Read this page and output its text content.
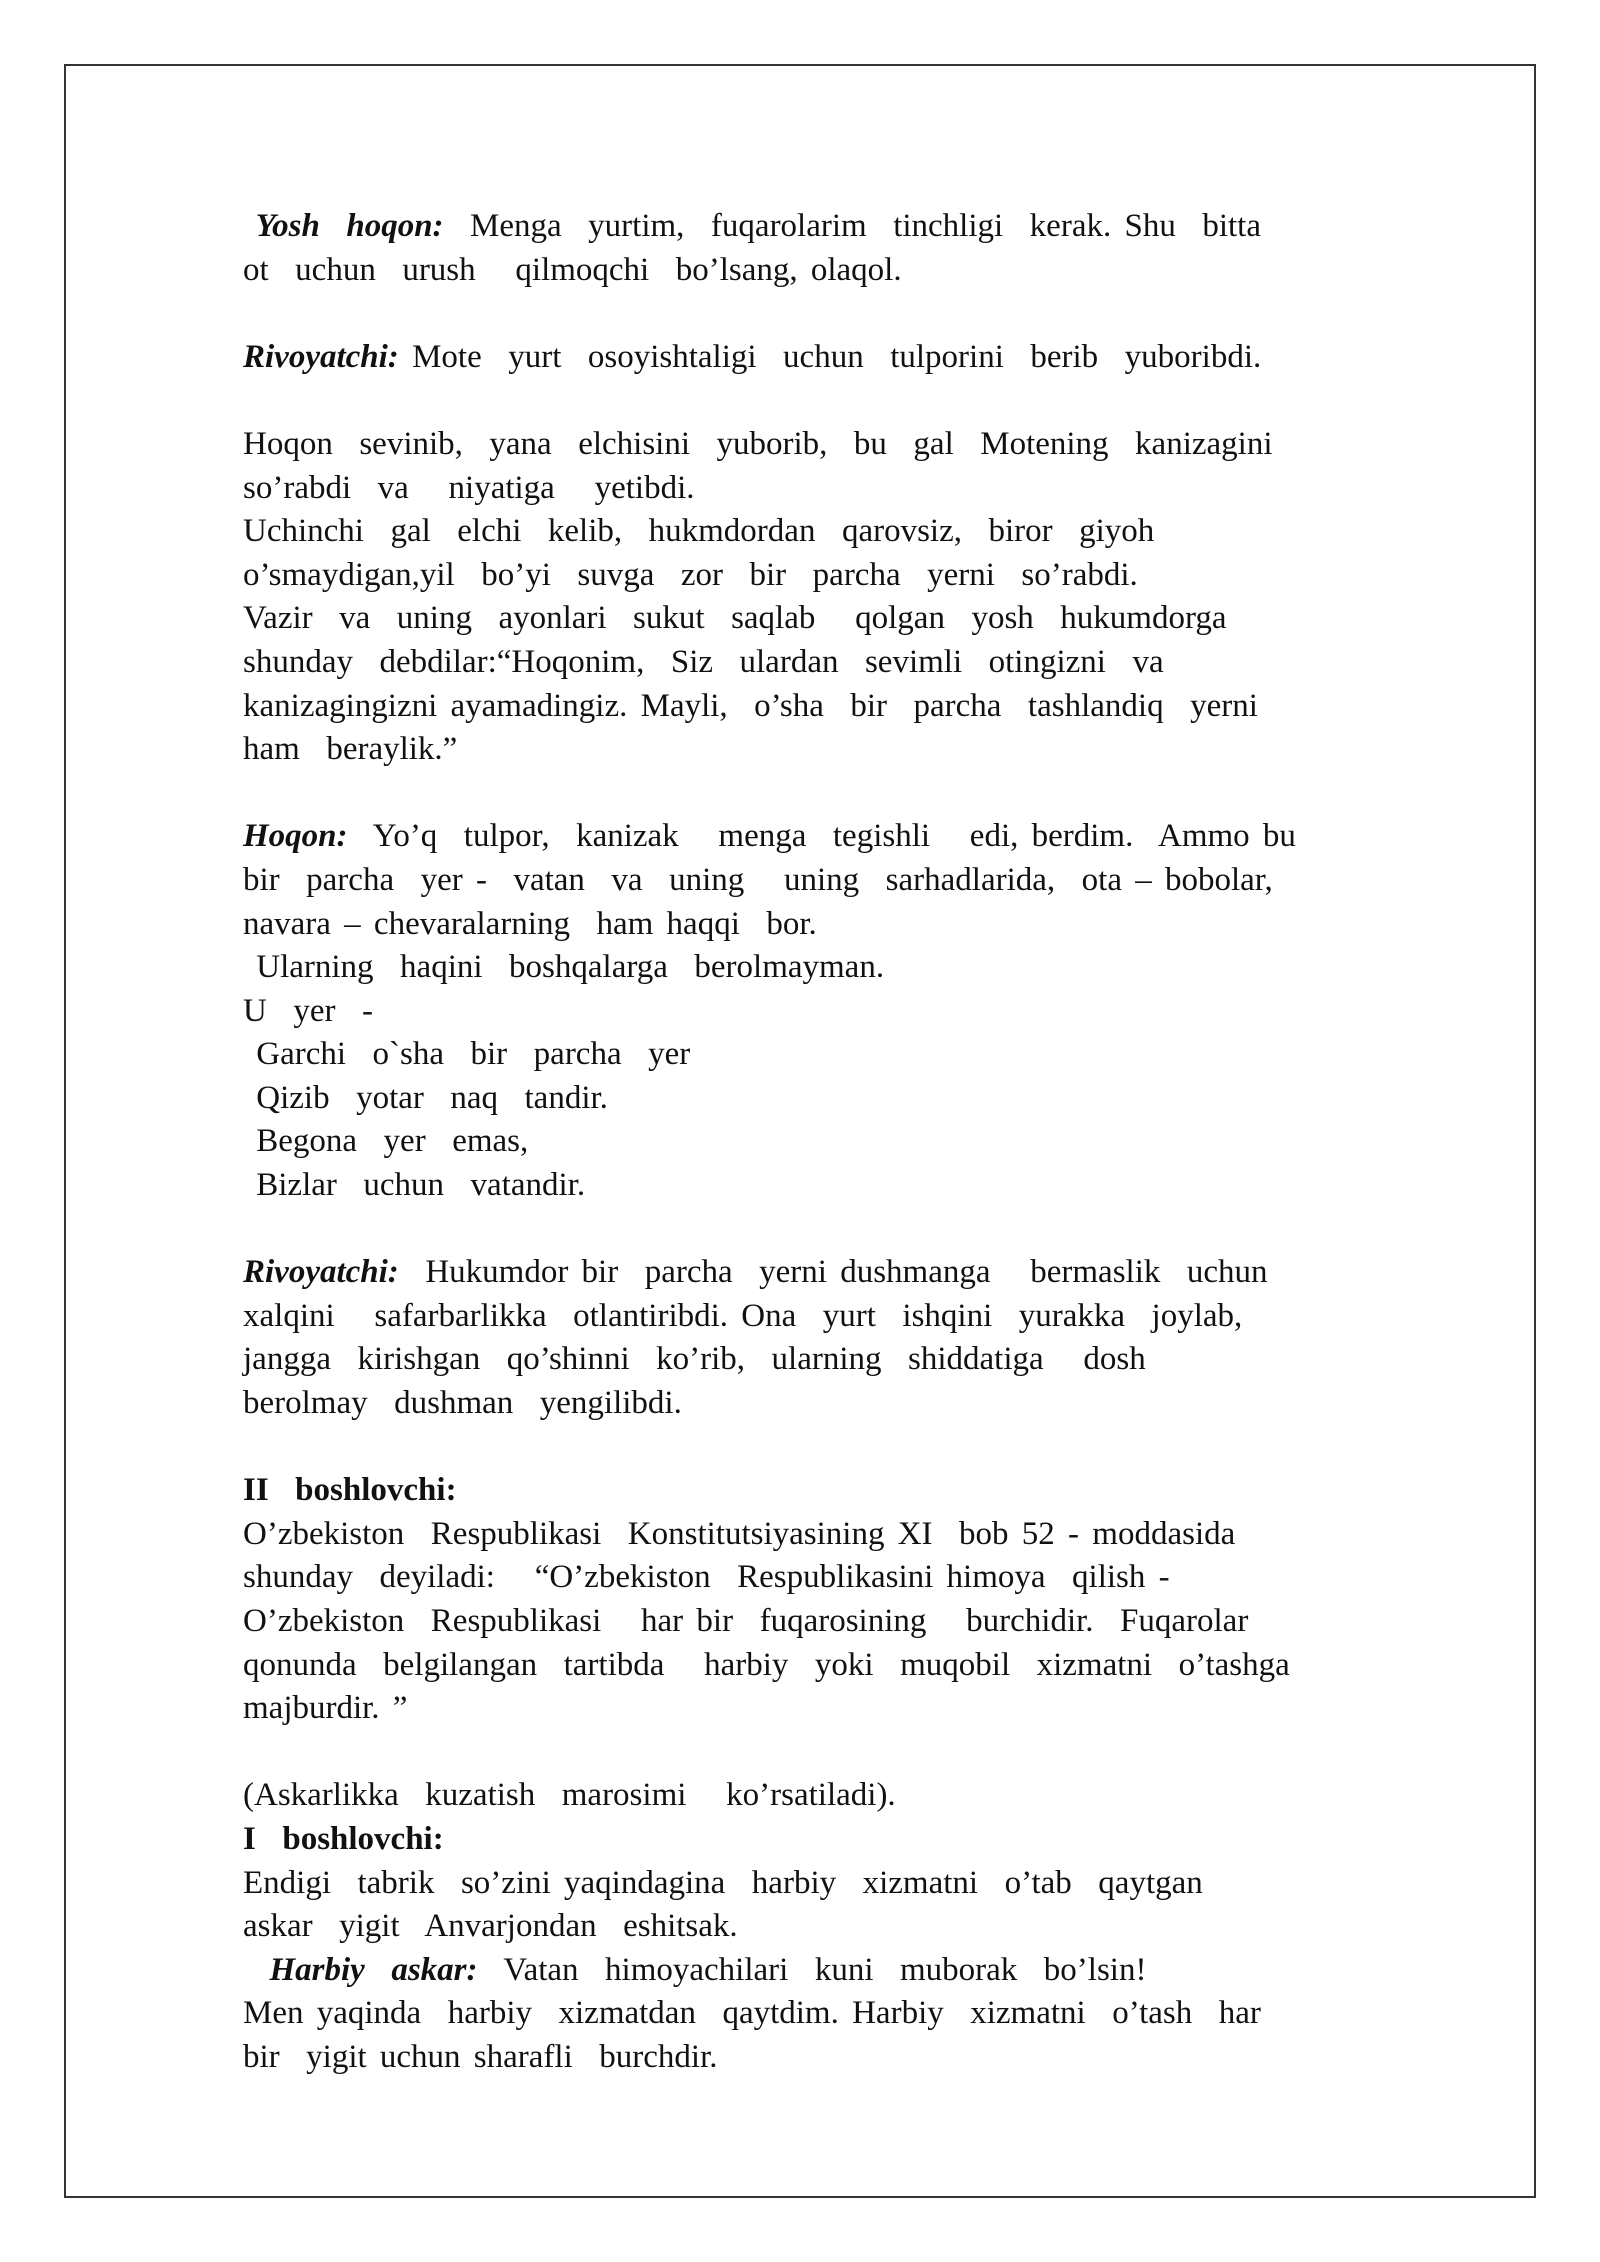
Yosh  hoqon:  Menga  yurtim,  fuqarolarim  tinchligi  kerak. Shu  bitta
ot  uchun  urush   qilmoqchi  bo’lsang, olaqol.
Rivoyatchi: Mote  yurt  osoyishtaligi  uchun  tulporini  berib  yuboribdi.
Hoqon  sevinib,  yana  elchisini  yuborib,  bu  gal  Motening  kanizagini
so’rabdi  va   niyatiga   yetibdi.
Uchinchi  gal  elchi  kelib,  hukmdordan  qarovsiz,  biror  giyoh
o’smaydigan,yil  bo’yi  suvga  zor  bir  parcha  yerni  so’rabdi.
Vazir  va  uning  ayonlari  sukut  saqlab   qolgan  yosh  hukumdorga
shunday  debdilar:“Hoqonim,  Siz  ulardan  sevimli  otingizni  va
kanizagingizni ayamadingiz. Mayli,  o’sha  bir  parcha  tashlandiq  yerni
ham  beraylik.”
Hoqon:  Yo’q  tulpor,  kanizak   menga  tegishli   edi, berdim.  Ammo bu
bir  parcha  yer -  vatan  va  uning   uning  sarhadlarida,  ota – bobolar,
navara – chevaralarning  ham haqqi  bor.
Ularning  haqini  boshqalarga  berolmayman.
U  yer  -
Garchi  o`sha  bir  parcha  yer
Qizib  yotar  naq  tandir.
Begona  yer  emas,
Bizlar  uchun  vatandir.
Rivoyatchi:  Hukumdor bir  parcha  yerni dushmanga   bermaslik  uchun
xalqini   safarbarlikka  otlantiribdi. Ona  yurt  ishqini  yurakka  joylab,
jangga  kirishgan  qo’shinni  ko’rib,  ularning  shiddatiga   dosh
berolmay  dushman  yengilibdi.
II  boshlovchi:
O’zbekiston  Respublikasi  Konstitutsiyasining XI  bob 52 - moddasida
shunday  deyiladi:   “O’zbekiston  Respublikasini himoya  qilish -
O’zbekiston  Respublikasi   har bir  fuqarosining   burchidir.  Fuqarolar
qonunda  belgilangan  tartibda   harbiy  yoki  muqobil  xizmatni  o’tashga
majburdir. ”
(Askarlikka  kuzatish  marosimi   ko’rsatiladi).
I  boshlovchi:
Endigi  tabrik  so’zini yaqindagina  harbiy  xizmatni  o’tab  qaytgan
askar  yigit  Anvarjondan  eshitsak.
Harbiy  askar:  Vatan  himoyachilari  kuni  muborak  bo’lsin!
Men yaqinda  harbiy  xizmatdan  qaytdim. Harbiy  xizmatni  o’tash  har
bir  yigit uchun sharafli  burchdir.
